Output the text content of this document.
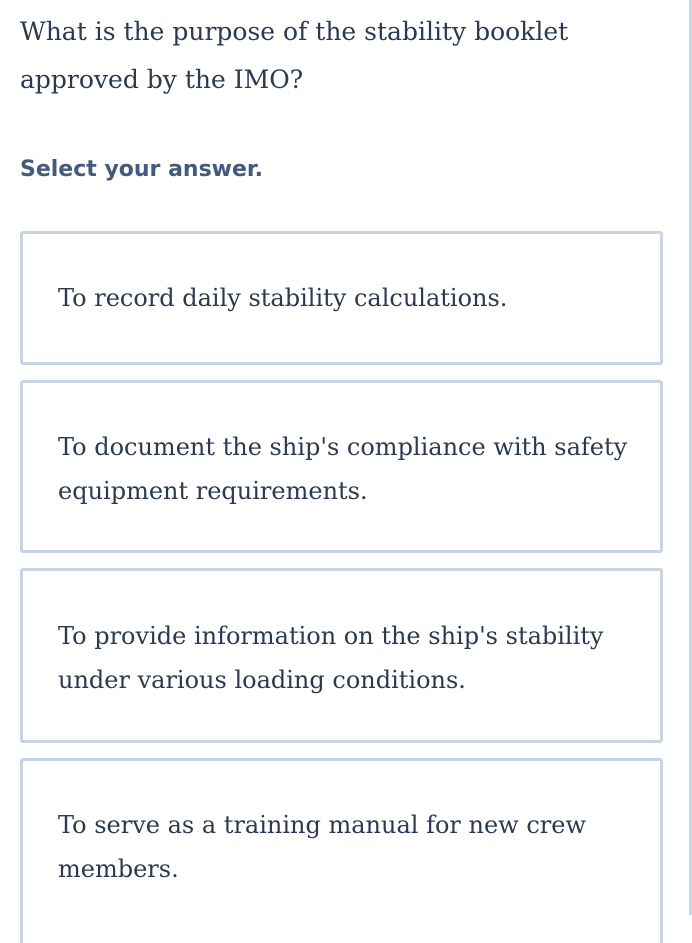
What is the purpose of the stability booklet approved by the IMO?

Select your answer.

To record daily stability calculations.
To document the ship's compliance with safety equipment requirements.
To provide information on the ship's stability under various loading conditions.
To serve as a training manual for new crew members.
